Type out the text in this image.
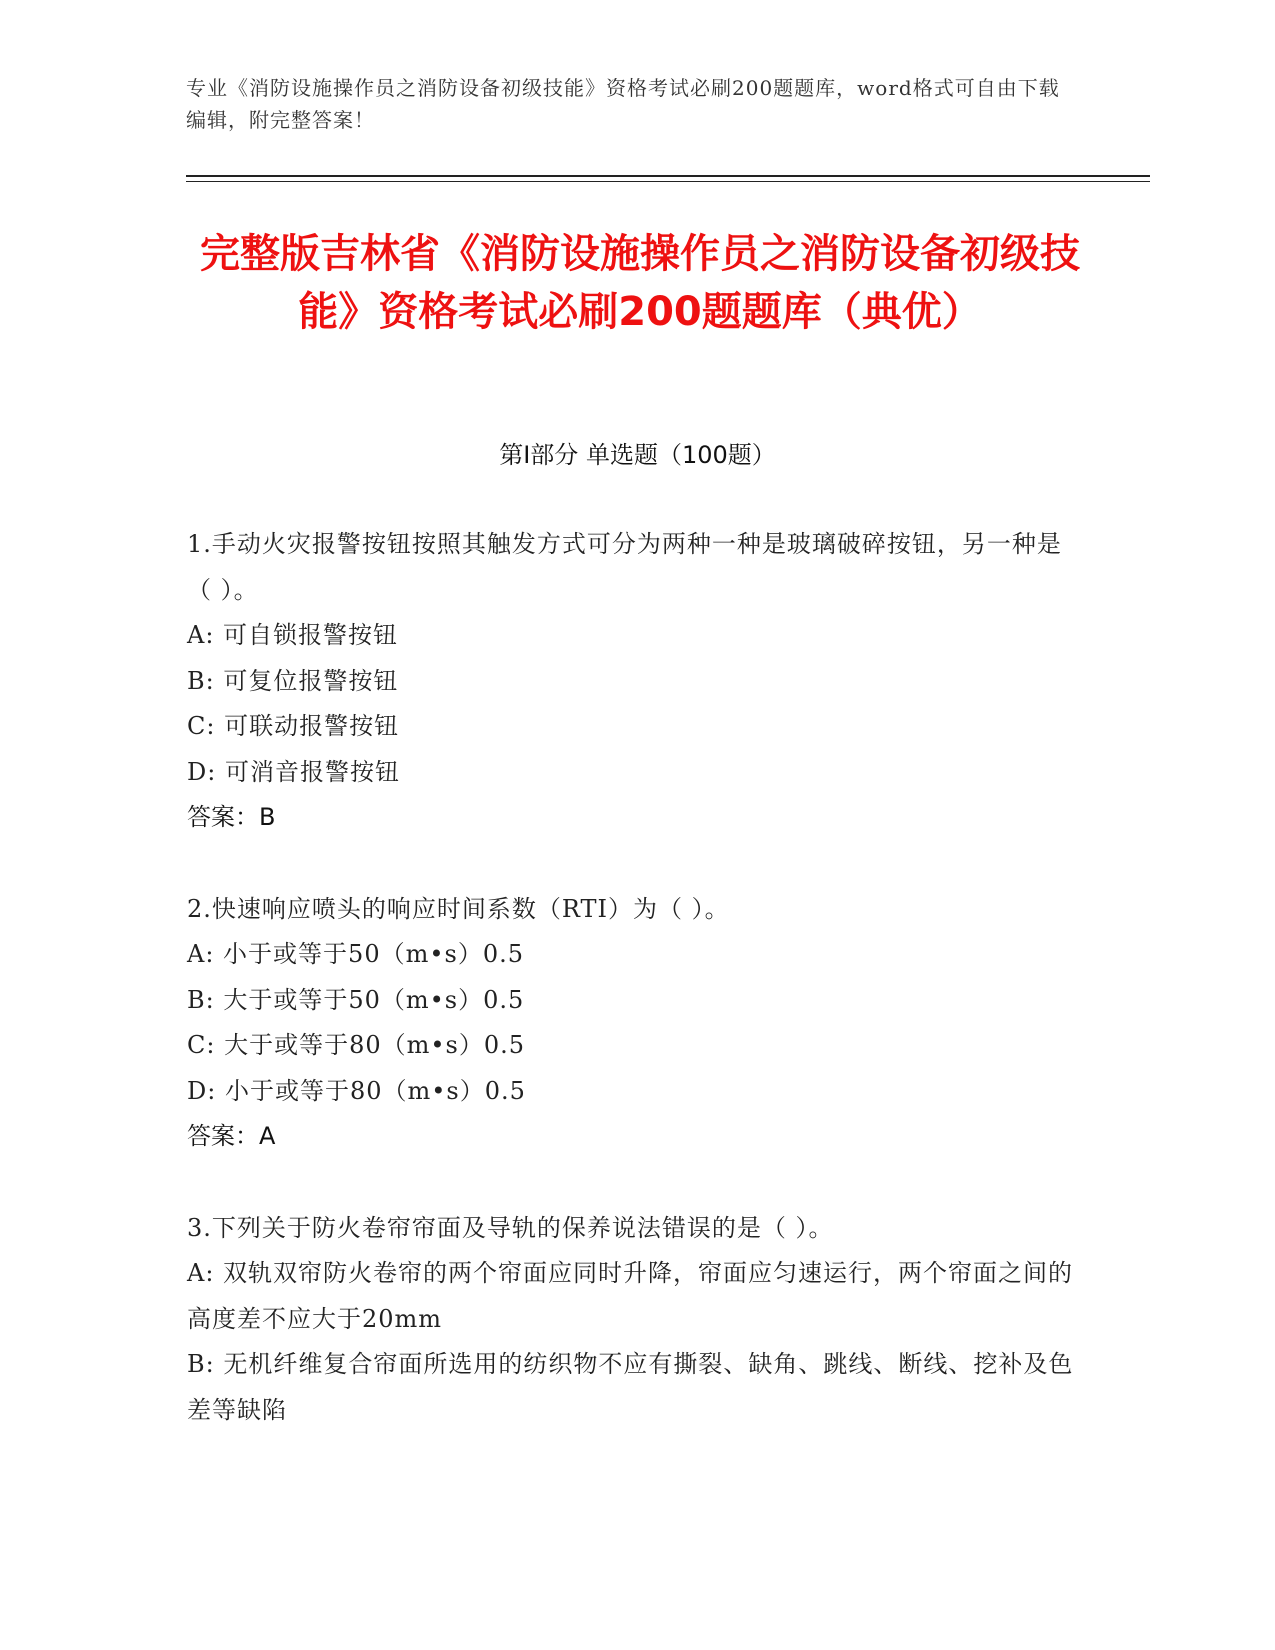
专业《消防设施操作员之消防设备初级技能》资格考试必刷200题题库，word格式可自由下载编辑，附完整答案！
完整版吉林省《消防设施操作员之消防设备初级技能》资格考试必刷200题题库（典优）
第Ⅰ部分 单选题（100题）

1.手动火灾报警按钮按照其触发方式可分为两种一种是玻璃破碎按钮，另一种是（ ）。

A: 可自锁报警按钮

B: 可复位报警按钮

C: 可联动报警按钮

D: 可消音报警按钮

答案：B

2.快速响应喷头的响应时间系数（RTI）为（ ）。

A: 小于或等于50（m•s）0.5

B: 大于或等于50（m•s）0.5

C: 大于或等于80（m•s）0.5

D: 小于或等于80（m•s）0.5

答案：A

3.下列关于防火卷帘帘面及导轨的保养说法错误的是（ ）。

A: 双轨双帘防火卷帘的两个帘面应同时升降，帘面应匀速运行，两个帘面之间的高度差不应大于20mm

B: 无机纤维复合帘面所选用的纺织物不应有撕裂、缺角、跳线、断线、挖补及色差等缺陷
